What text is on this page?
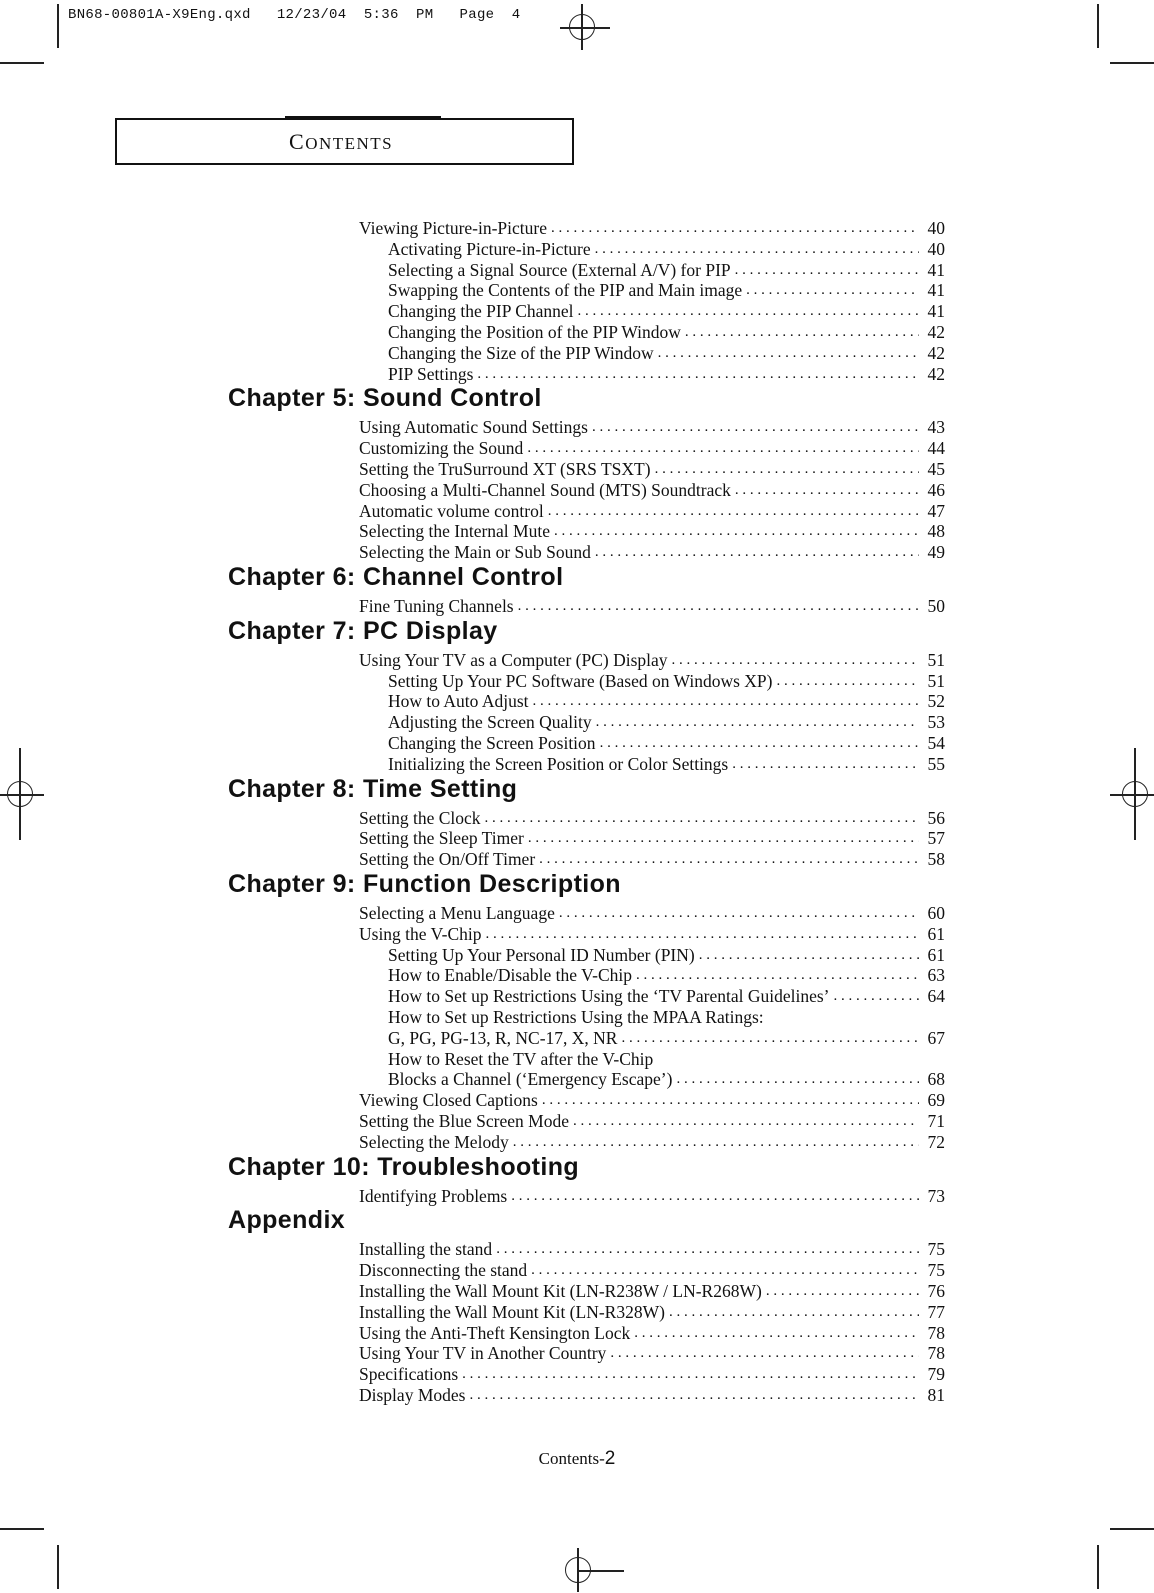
BN68-00801A-X9Eng.qxd   12/23/04  5:36  PM   Page  4
CONTENTS
Viewing Picture-in-Picture . . .	40
Activating Picture-in-Picture . . .	40
Selecting a Signal Source (External A/V) for PIP . . .	41
Swapping the Contents of the PIP and Main image . . .	41
Changing the PIP Channel . . .	41
Changing the Position of the PIP Window . . .	42
Changing the Size of the PIP Window . . .	42
PIP Settings . . .	42
Chapter 5: Sound Control
Using Automatic Sound Settings . . .	43
Customizing the Sound . . .	44
Setting the TruSurround XT (SRS TSXT) . . .	45
Choosing a Multi-Channel Sound (MTS) Soundtrack . . .	46
Automatic volume control . . .	47
Selecting the Internal Mute . . .	48
Selecting the Main or Sub Sound . . .	49
Chapter 6: Channel Control
Fine Tuning Channels . . .	50
Chapter 7: PC Display
Using Your TV as a Computer (PC) Display . . .	51
Setting Up Your PC Software (Based on Windows XP) . . .	51
How to Auto Adjust . . .	52
Adjusting the Screen Quality . . .	53
Changing the Screen Position . . .	54
Initializing the Screen Position or Color Settings . . .	55
Chapter 8: Time Setting
Setting the Clock . . .	56
Setting the Sleep Timer . . .	57
Setting the On/Off Timer . . .	58
Chapter 9: Function Description
Selecting a Menu Language . . .	60
Using the V-Chip . . .	61
Setting Up Your Personal ID Number (PIN) . . .	61
How to Enable/Disable the V-Chip . . .	63
How to Set up Restrictions Using the ‘TV Parental Guidelines’ . . .	64
How to Set up Restrictions Using the MPAA Ratings:
G, PG, PG-13, R, NC-17, X, NR . . .	67
How to Reset the TV after the V-Chip
Blocks a Channel (‘Emergency Escape’) . . .	68
Viewing Closed Captions . . .	69
Setting the Blue Screen Mode . . .	71
Selecting the Melody . . .	72
Chapter 10: Troubleshooting
Identifying Problems . . .	73
Appendix
Installing the stand . . .	75
Disconnecting the stand . . .	75
Installing the Wall Mount Kit (LN-R238W / LN-R268W) . . .	76
Installing the Wall Mount Kit (LN-R328W) . . .	77
Using the Anti-Theft Kensington Lock . . .	78
Using Your TV in Another Country . . .	78
Specifications . . .	79
Display Modes . . .	81
Contents-2
